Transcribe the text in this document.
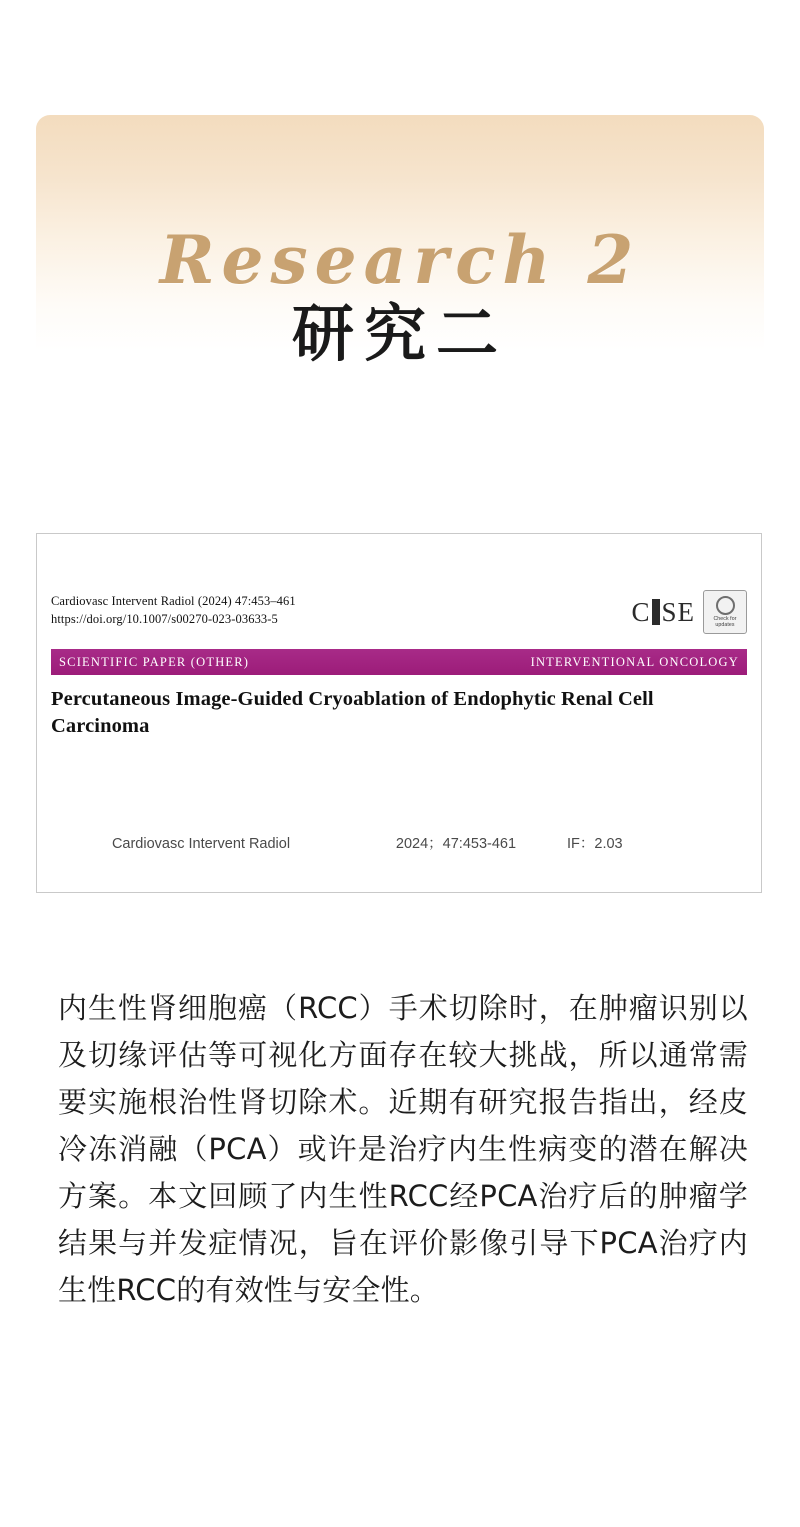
Research 2
研究二
Cardiovasc Intervent Radiol (2024) 47:453–461
https://doi.org/10.1007/s00270-023-03633-5	C SE	Check for
updates
SCIENTIFIC PAPER (OTHER)	INTERVENTIONAL ONCOLOGY
Percutaneous Image-Guided Cryoablation of Endophytic Renal Cell Carcinoma
Cardiovasc Intervent Radiol	2024；47:453-461	IF：2.03
内生性肾细胞癌（RCC）手术切除时，在肿瘤识别以及切缘评估等可视化方面存在较大挑战，所以通常需要实施根治性肾切除术。近期有研究报告指出，经皮冷冻消融（PCA）或许是治疗内生性病变的潜在解决方案。本文回顾了内生性RCC经PCA治疗后的肿瘤学结果与并发症情况，旨在评价影像引导下PCA治疗内生性RCC的有效性与安全性。
